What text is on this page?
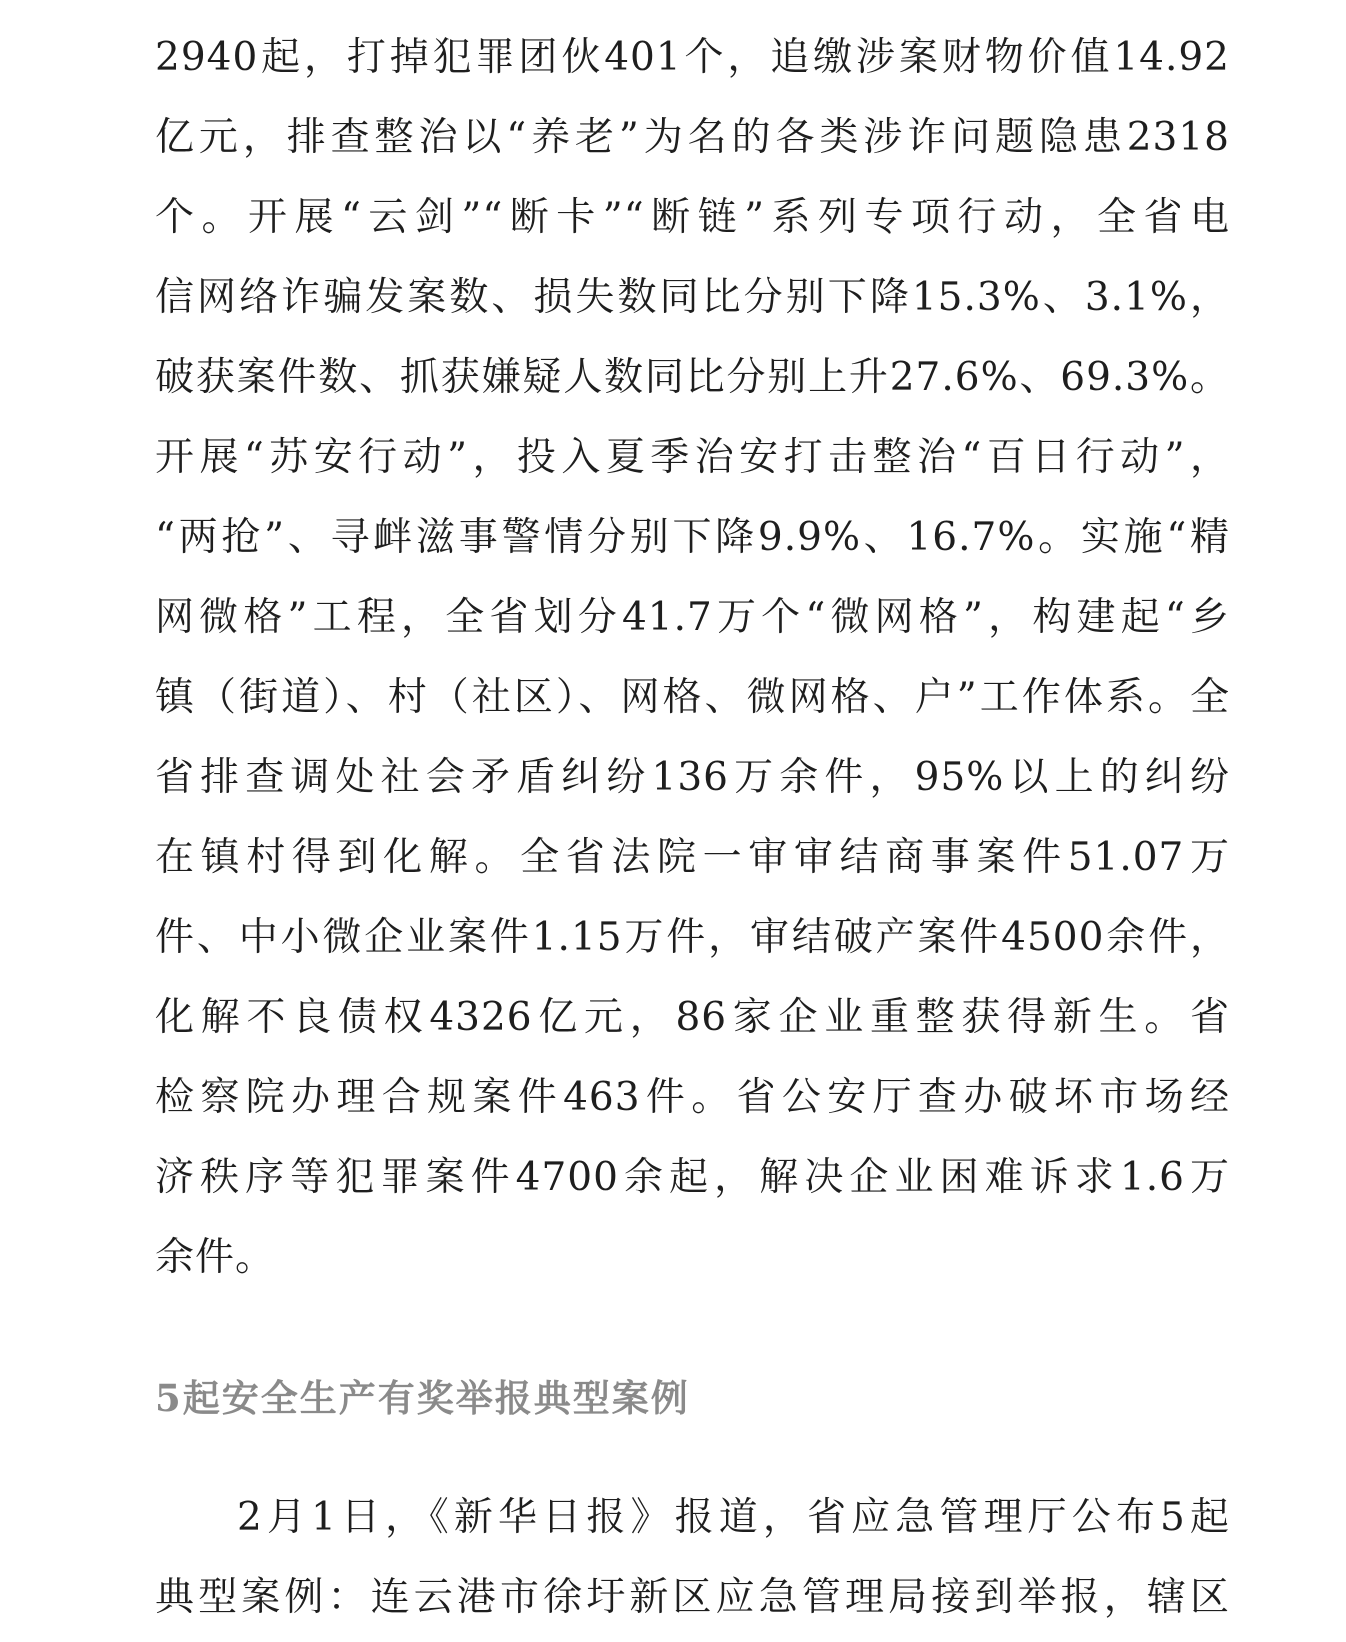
2940起，打掉犯罪团伙401个，追缴涉案财物价值14.92
亿元，排查整治以“养老”为名的各类涉诈问题隐患2318
个。开展“云剑”“断卡”“断链”系列专项行动，全省电
信网络诈骗发案数、损失数同比分别下降15.3%、3.1%，
破获案件数、抓获嫌疑人数同比分别上升27.6%、69.3%。
开展“苏安行动”，投入夏季治安打击整治“百日行动”，
“两抢”、寻衅滋事警情分别下降9.9%、16.7%。实施“精
网微格”工程，全省划分41.7万个“微网格”，构建起“乡
镇（街道）、村（社区）、网格、微网格、户”工作体系。全
省排查调处社会矛盾纠纷136万余件，95%以上的纠纷
在镇村得到化解。全省法院一审审结商事案件51.07万
件、中小微企业案件1.15万件，审结破产案件4500余件，
化解不良债权4326亿元，86家企业重整获得新生。省
检察院办理合规案件463件。省公安厅查办破坏市场经
济秩序等犯罪案件4700余起，解决企业困难诉求1.6万
余件。
5起安全生产有奖举报典型案例
2月1日，《新华日报》报道，省应急管理厅公布5起
典型案例：连云港市徐圩新区应急管理局接到举报，辖区
